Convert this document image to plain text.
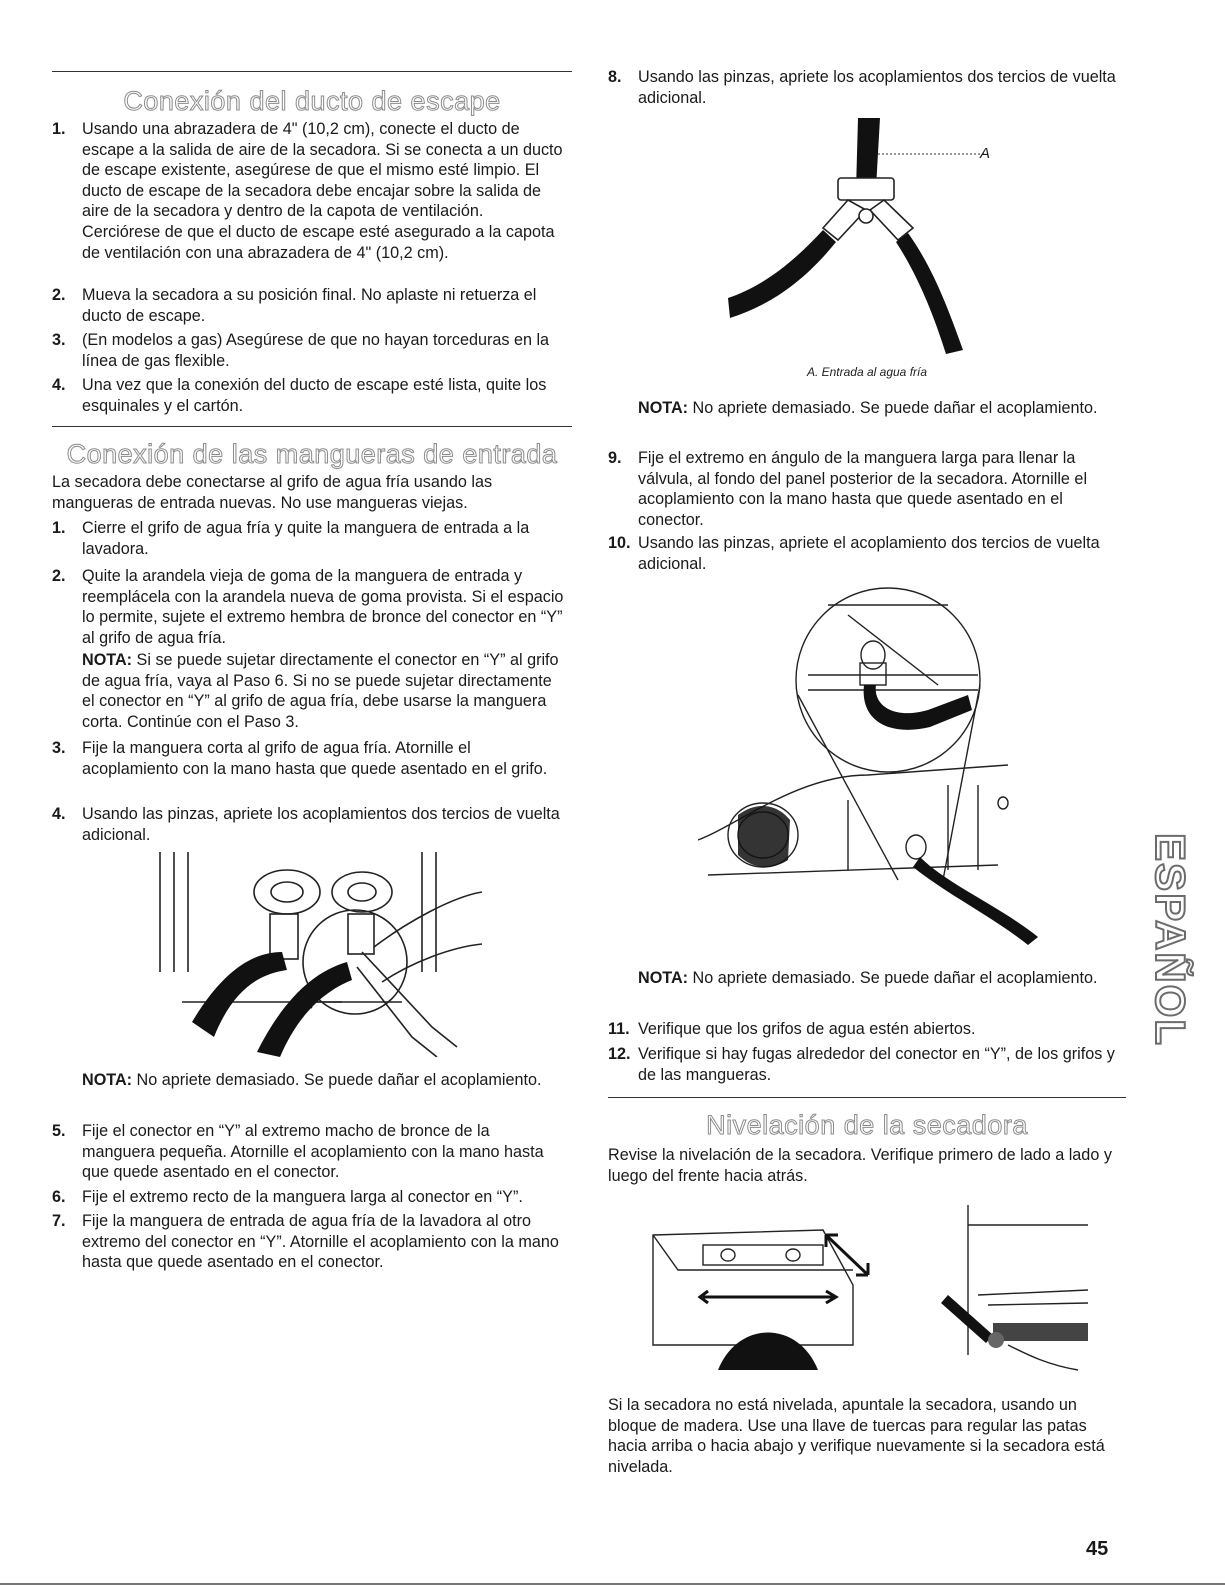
Conexión del ducto de escape
1. Usando una abrazadera de 4" (10,2 cm), conecte el ducto de escape a la salida de aire de la secadora. Si se conecta a un ducto de escape existente, asegúrese de que el mismo esté limpio. El ducto de escape de la secadora debe encajar sobre la salida de aire de la secadora y dentro de la capota de ventilación. Cerciórese de que el ducto de escape esté asegurado a la capota de ventilación con una abrazadera de 4" (10,2 cm).
2. Mueva la secadora a su posición final. No aplaste ni retuerza el ducto de escape.
3. (En modelos a gas) Asegúrese de que no hayan torceduras en la línea de gas flexible.
4. Una vez que la conexión del ducto de escape esté lista, quite los esquinales y el cartón.
Conexión de las mangueras de entrada
La secadora debe conectarse al grifo de agua fría usando las mangueras de entrada nuevas. No use mangueras viejas.
1. Cierre el grifo de agua fría y quite la manguera de entrada a la lavadora.
2. Quite la arandela vieja de goma de la manguera de entrada y reemplácela con la arandela nueva de goma provista. Si el espacio lo permite, sujete el extremo hembra de bronce del conector en “Y” al grifo de agua fría.
NOTA: Si se puede sujetar directamente el conector en “Y” al grifo de agua fría, vaya al Paso 6. Si no se puede sujetar directamente el conector en “Y” al grifo de agua fría, debe usarse la manguera corta. Continúe con el Paso 3.
3. Fije la manguera corta al grifo de agua fría. Atornille el acoplamiento con la mano hasta que quede asentado en el grifo.
4. Usando las pinzas, apriete los acoplamientos dos tercios de vuelta adicional.
NOTA: No apriete demasiado. Se puede dañar el acoplamiento.
5. Fije el conector en “Y” al extremo macho de bronce de la manguera pequeña. Atornille el acoplamiento con la mano hasta que quede asentado en el conector.
6. Fije el extremo recto de la manguera larga al conector en “Y”.
7. Fije la manguera de entrada de agua fría de la lavadora al otro extremo del conector en “Y”. Atornille el acoplamiento con la mano hasta que quede asentado en el conector.
8. Usando las pinzas, apriete los acoplamientos dos tercios de vuelta adicional.
A
A. Entrada al agua fría
NOTA: No apriete demasiado. Se puede dañar el acoplamiento.
9. Fije el extremo en ángulo de la manguera larga para llenar la válvula, al fondo del panel posterior de la secadora. Atornille el acoplamiento con la mano hasta que quede asentado en el conector.
10. Usando las pinzas, apriete el acoplamiento dos tercios de vuelta adicional.
NOTA: No apriete demasiado. Se puede dañar el acoplamiento.
11. Verifique que los grifos de agua estén abiertos.
12. Verifique si hay fugas alrededor del conector en “Y”, de los grifos y de las mangueras.
Nivelación de la secadora
Revise la nivelación de la secadora. Verifique primero de lado a lado y luego del frente hacia atrás.
Si la secadora no está nivelada, apuntale la secadora, usando un bloque de madera. Use una llave de tuercas para regular las patas hacia arriba o hacia abajo y verifique nuevamente si la secadora está nivelada.
ESPAÑOL
45
